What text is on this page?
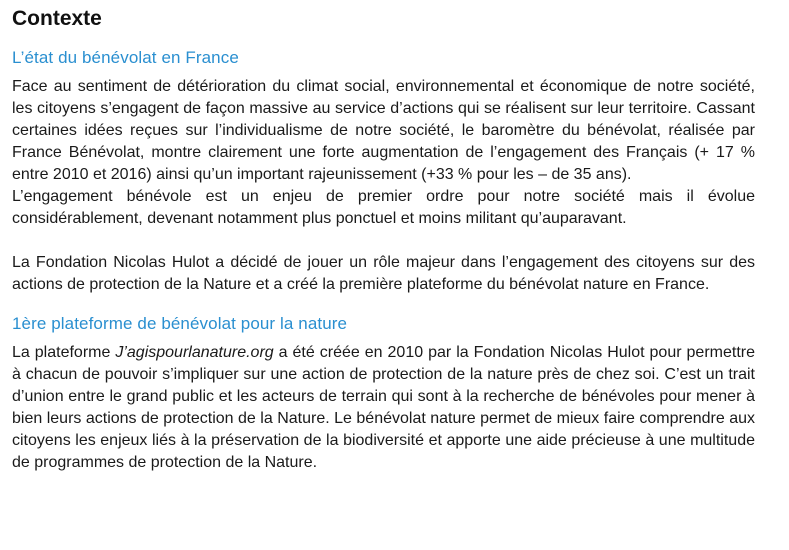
Contexte
L’état du bénévolat en France

Face au sentiment de détérioration du climat social, environnemental et économique de notre société, les citoyens s’engagent de façon massive au service d’actions qui se réalisent sur leur territoire. Cassant certaines idées reçues sur l’individualisme de notre société, le baromètre du bénévolat, réalisée par France Bénévolat, montre clairement une forte augmentation de l’engagement des Français (+ 17 % entre 2010 et 2016) ainsi qu’un important rajeunissement (+33 % pour les – de 35 ans).

L’engagement bénévole est un enjeu de premier ordre pour notre société mais il évolue considérablement, devenant notamment plus ponctuel et moins militant qu’auparavant.

La Fondation Nicolas Hulot a décidé de jouer un rôle majeur dans l’engagement des citoyens sur des actions de protection de la Nature et a créé la première plateforme du bénévolat nature en France.

1ère plateforme de bénévolat pour la nature

La plateforme J’agispourlanature.org a été créée en 2010 par la Fondation Nicolas Hulot pour permettre à chacun de pouvoir s’impliquer sur une action de protection de la nature près de chez soi. C’est un trait d’union entre le grand public et les acteurs de terrain qui sont à la recherche de bénévoles pour mener à bien leurs actions de protection de la Nature. Le bénévolat nature permet de mieux faire comprendre aux citoyens les enjeux liés à la préservation de la biodiversité et apporte une aide précieuse à une multitude de programmes de protection de la Nature.
